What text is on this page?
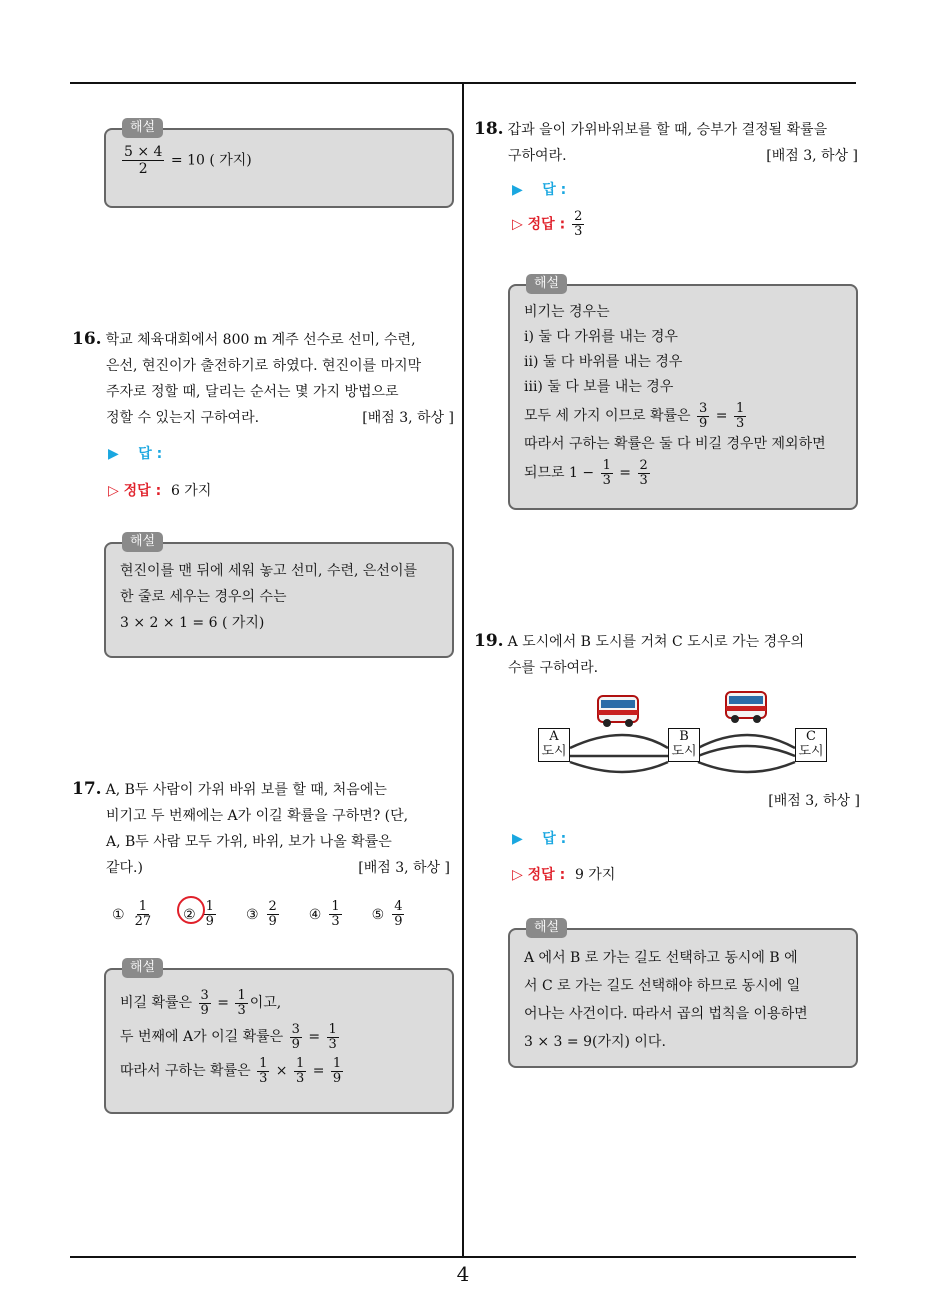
4
해설
$\frac{5 \times 4}{2} = 10$ ( 가지)
16. 학교 체육대회에서 800 m 계주 선수로 선미, 수련,
은선, 현진이가 출전하기로 하였다. 현진이를 마지막
주자로 정할 때, 달리는 순서는 몇 가지 방법으로
정할 수 있는지 구하여라.	[배점 3, 하상 ]
▶ 답 :
▷ 정답 : 6 가지
해설
현진이를 맨 뒤에 세워 놓고 선미, 수련, 은선이를
한 줄로 세우는 경우의 수는
3 × 2 × 1 = 6 ( 가지)
17. A, B두 사람이 가위 바위 보를 할 때, 처음에는
비기고 두 번째에는 A가 이길 확률을 구하면? (단,
A, B두 사람 모두 가위, 바위, 보가 나올 확률은
같다.)	[배점 3, 하상 ]
① $\frac{1}{27}$ ② $\frac{1}{9}$ ③ $\frac{2}{9}$ ④ $\frac{1}{3}$ ⑤ $\frac{4}{9}$
해설
비길 확률은 $\frac{3}{9} = \frac{1}{3}$ 이고,
두 번째에 A가 이길 확률은 $\frac{3}{9} = \frac{1}{3}$
따라서 구하는 확률은 $\frac{1}{3} \times \frac{1}{3} = \frac{1}{9}$
18. 갑과 을이 가위바위보를 할 때, 승부가 결정될 확률을
구하여라.	[배점 3, 하상 ]
▶ 답 :
▷ 정답 : $\frac{2}{3}$
해설
비기는 경우는
i) 둘 다 가위를 내는 경우
ii) 둘 다 바위를 내는 경우
iii) 둘 다 보를 내는 경우
모두 세 가지 이므로 확률은 $\frac{3}{9} = \frac{1}{3}$
따라서 구하는 확률은 둘 다 비길 경우만 제외하면
되므로 $1 - \frac{1}{3} = \frac{2}{3}$
19. A 도시에서 B 도시를 거쳐 C 도시로 가는 경우의
수를 구하여라.
A
도시
B
도시
C
도시
[배점 3, 하상 ]
▶ 답 :
▷ 정답 : 9 가지
해설
A 에서 B 로 가는 길도 선택하고 동시에 B 에
서 C 로 가는 길도 선택해야 하므로 동시에 일
어나는 사건이다. 따라서 곱의 법칙을 이용하면
3 × 3 = 9(가지) 이다.
